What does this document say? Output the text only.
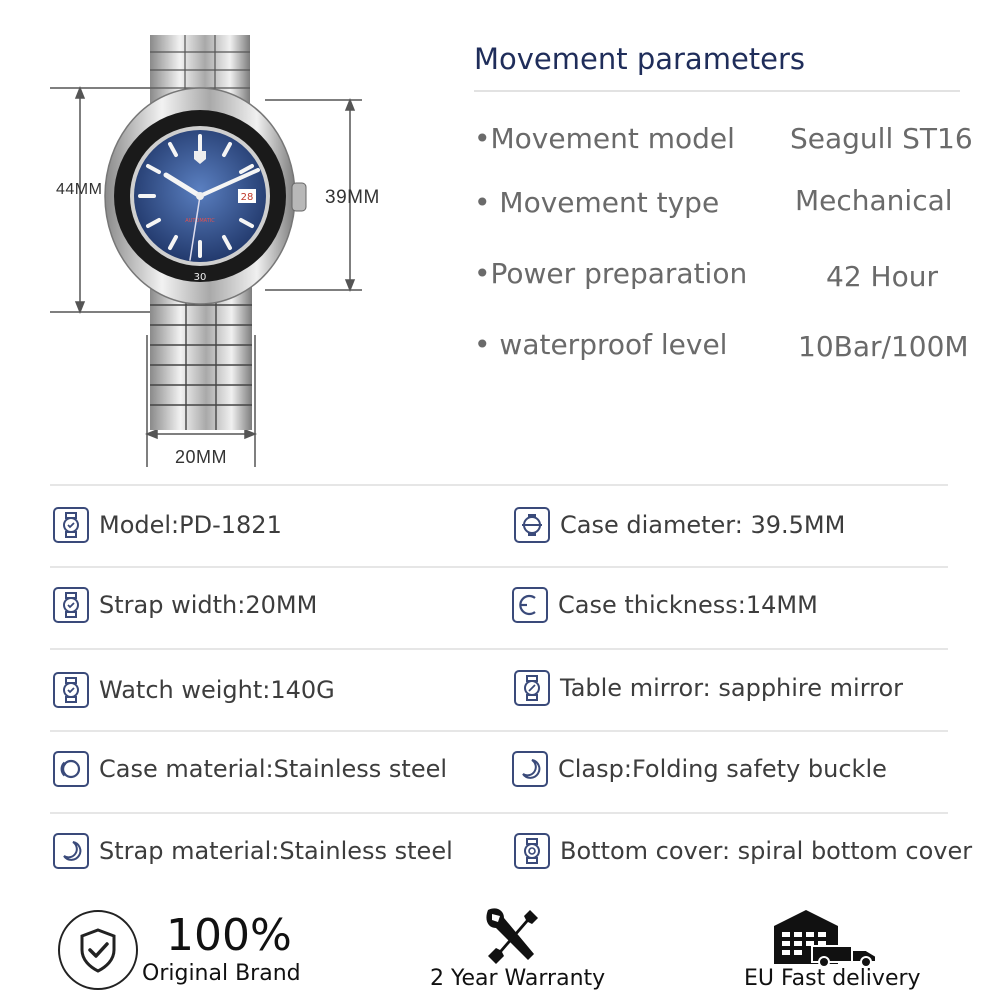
28
AUTOMATIC
30
44MM	39MM
20MM
Movement parameters
•Movement model Seagull ST16
• Movement type	Mechanical
•Power preparation	42 Hour
• waterproof level	10Bar/100M
Model:PD-1821	Case diameter: 39.5MM
Strap width:20MM	Case thickness:14MM
Watch weight:140G	Table mirror: sapphire mirror
Case material:Stainless steel	Clasp:Folding safety buckle
Strap material:Stainless steel	Bottom cover: spiral bottom cover
100%
Original Brand	2 Year Warranty	EU Fast delivery
